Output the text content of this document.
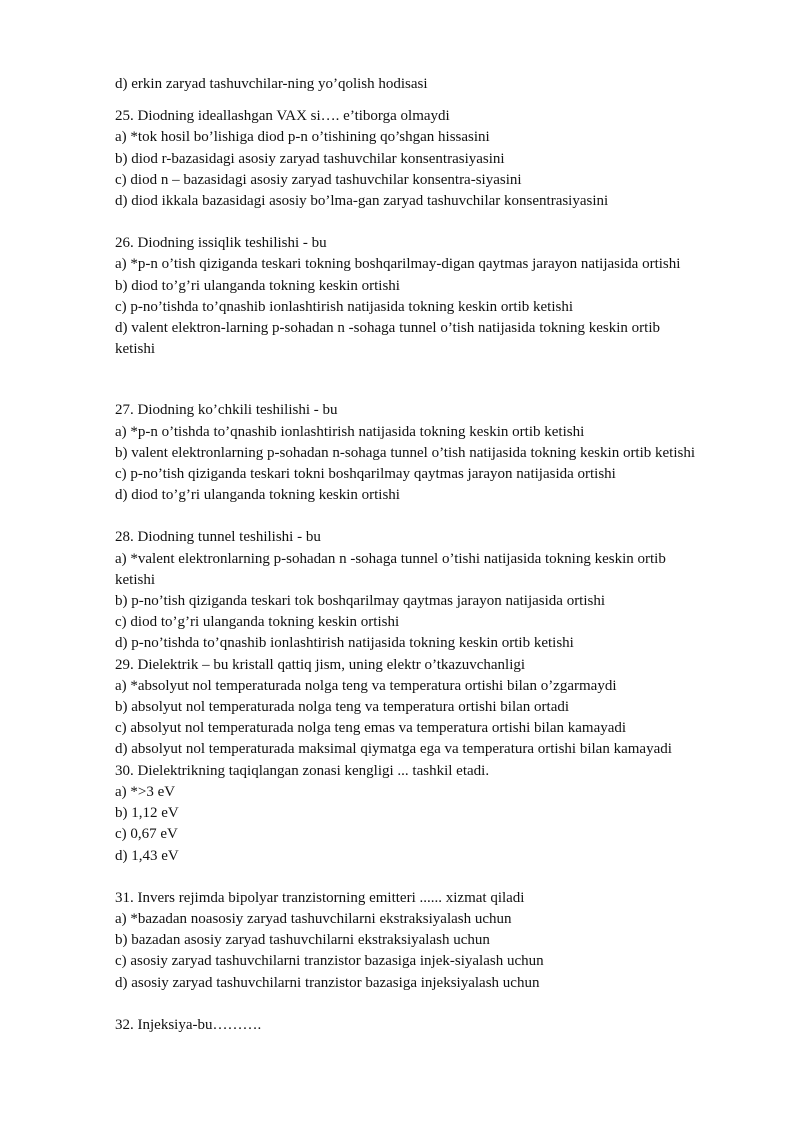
d) erkin zaryad tashuvchilar-ning yo’qolish hodisasi
25. Diodning ideallashgan VAX si…. e’tiborga olmaydi
a) *tok hosil bo’lishiga diod p-n o’tishining qo’shgan hissasini
b) diod r-bazasidagi asosiy zaryad tashuvchilar konsentrasiyasini
c) diod n – bazasidagi asosiy zaryad tashuvchilar konsentra-siyasini
d) diod ikkala bazasidagi asosiy bo’lma-gan zaryad tashuvchilar konsentrasiyasini
26. Diodning issiqlik teshilishi - bu
a) *p-n o’tish qiziganda teskari tokning boshqarilmay-digan qaytmas jarayon natijasida ortishi
b) diod to’g’ri ulanganda tokning keskin ortishi
c) p-no’tishda to’qnashib ionlashtirish natijasida tokning keskin ortib ketishi
d) valent elektron-larning p-sohadan n -sohaga tunnel o’tish natijasida tokning keskin ortib
ketishi
27. Diodning ko’chkili teshilishi - bu
a) *p-n o’tishda to’qnashib ionlashtirish natijasida tokning keskin ortib ketishi
b) valent elektronlarning p-sohadan n-sohaga tunnel o’tish natijasida tokning keskin ortib ketishi
c) p-no’tish qiziganda teskari tokni boshqarilmay qaytmas jarayon natijasida ortishi
d) diod to’g’ri ulanganda tokning keskin ortishi
28. Diodning tunnel teshilishi - bu
a) *valent elektronlarning p-sohadan n -sohaga tunnel o’tishi natijasida tokning keskin ortib
ketishi
b) p-no’tish qiziganda teskari tok boshqarilmay qaytmas jarayon natijasida ortishi
c) diod to’g’ri ulanganda tokning keskin ortishi
d) p-no’tishda to’qnashib ionlashtirish natijasida tokning keskin ortib ketishi
29. Dielektrik – bu kristall qattiq jism, uning elektr o’tkazuvchanligi
a) *absolyut nol temperaturada nolga teng va temperatura ortishi bilan o’zgarmaydi
b) absolyut nol temperaturada nolga teng va temperatura ortishi bilan ortadi
c) absolyut nol temperaturada nolga teng emas va temperatura ortishi bilan kamayadi
d) absolyut nol temperaturada maksimal qiymatga ega va temperatura ortishi bilan kamayadi
30. Dielektrikning taqiqlangan zonasi kengligi ... tashkil etadi.
a) *>3 eV
b) 1,12 eV
c) 0,67 eV
d) 1,43 eV
31. Invers rejimda bipolyar tranzistorning emitteri ...... xizmat qiladi
a) *bazadan noasosiy zaryad tashuvchilarni ekstraksiyalash uchun
b) bazadan asosiy zaryad tashuvchilarni ekstraksiyalash uchun
c) asosiy zaryad tashuvchilarni tranzistor bazasiga injek-siyalash uchun
d) asosiy zaryad tashuvchilarni tranzistor bazasiga injeksiyalash uchun
32. Injeksiya-bu……….
